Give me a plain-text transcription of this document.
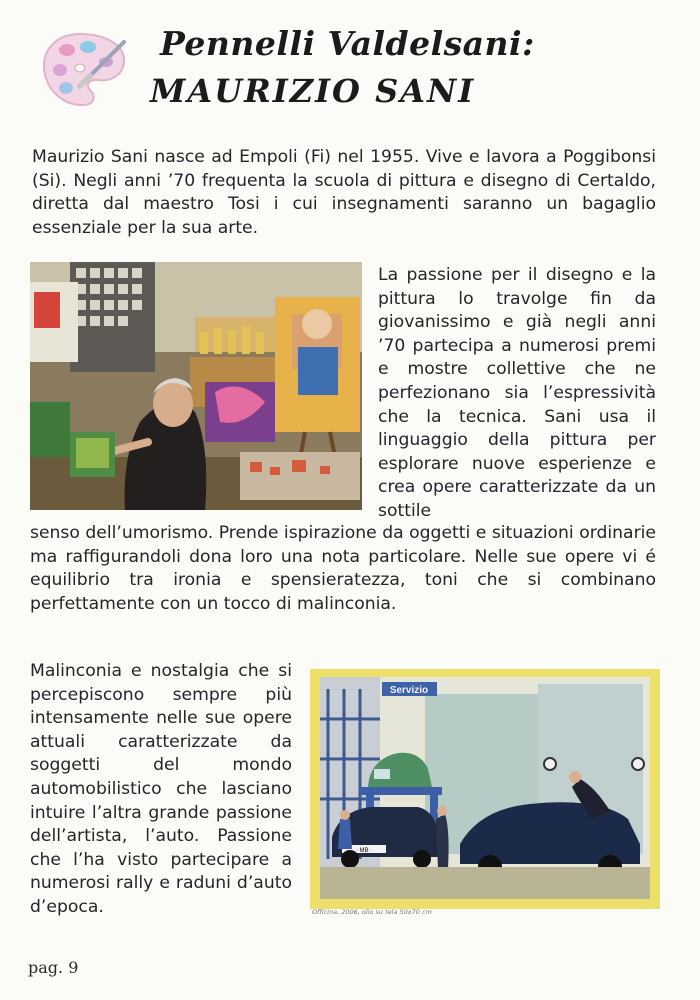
Pennelli Valdelsani:
MAURIZIO SANI

Maurizio Sani nasce ad Empoli (Fi) nel 1955. Vive e lavora a Poggibonsi (Si). Negli anni ’70 frequenta la scuola di pittura e disegno di Certaldo, diretta dal maestro Tosi i cui insegnamenti saranno un bagaglio essenziale per la sua arte.

La passione per il disegno e la pittura lo travolge fin da giovanissimo e già negli anni ’70 partecipa a numerosi premi e mostre collettive che ne perfezionano sia l’espressività che la tecnica. Sani usa il linguaggio della pittura per esplorare nuove esperienze e crea opere caratterizzate da un sottile

senso dell’umorismo. Prende ispirazione da oggetti e situazioni ordinarie ma raffigurandoli dona loro una nota particolare. Nelle sue opere vi é equilibrio tra ironia e spensieratezza, toni che si combinano perfettamente con un tocco di malinconia.

Malinconia e nostalgia che si percepiscono sempre più intensamente nelle sue opere attuali caratterizzate da soggetti del mondo automobilistico che lasciano intuire l’altra grande passione dell’artista, l’auto. Passione che l’ha visto partecipare a numerosi rally e raduni d’auto d’epoca.

Servizio
· MB ·
Officina, 2006, olio su tela 50x70 cm
pag. 9
